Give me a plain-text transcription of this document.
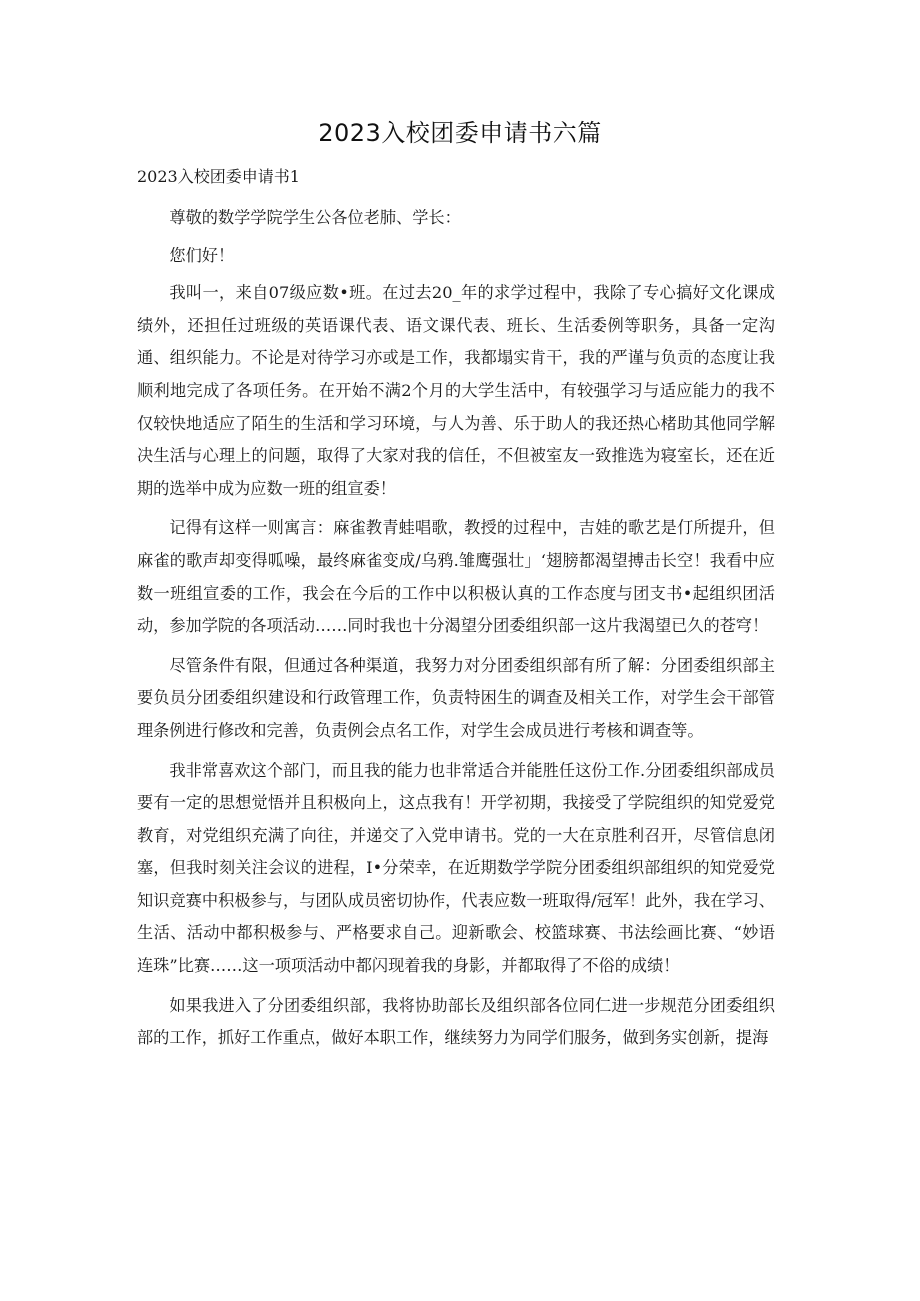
2023入校团委申请书六篇
2023入校团委申请书1

尊敬的数学学院学生公各位老肺、学长：

您们好！

我叫一，来自07级应数•班。在过去20_年的求学过程中，我除了专心搞好文化课成绩外，还担任过班级的英语课代表、语文课代表、班长、生活委例等职务，具备一定沟通、组织能力。不论是对待学习亦或是工作，我都塌实肯干，我的严谨与负贡的态度让我顺利地完成了各项任务。在开始不满2个月的大学生活中，有较强学习与适应能力的我不仅较快地适应了陌生的生活和学习环境，与人为善、乐于助人的我还热心楮助其他同学解决生活与心理上的问题，取得了大家对我的信任，不但被室友一致推选为寝室长，还在近期的选举中成为应数一班的组宣委！

记得有这样一则寓言：麻雀教青蛙唱歌，教授的过程中，吉娃的歌艺是仃所提升，但麻雀的歌声却变得呱噪，最终麻雀变成/乌鸦.雏鹰强壮」‘翅膀都渴望搏击长空！我看中应数一班组宣委的工作，我会在今后的工作中以积极认真的工作态度与团支书•起组织团活动，参加学院的各项活动……同时我也十分渴望分团委组织部一这片我渴望已久的苍穹！

尽管条件有限，但通过各种渠道，我努力对分团委组织部有所了解：分团委组织部主要负员分团委组织建设和行政管理工作，负责特困生的调查及相关工作，对学生会干部管理条例进行修改和完善，负责例会点名工作，对学生会成员进行考核和调查等。

我非常喜欢这个部门，而且我的能力也非常适合并能胜任这份工作.分团委组织部成员要有一定的思想觉悟并且积极向上，这点我有！开学初期，我接受了学院组织的知党爱党教育，对党组织充满了向往，并递交了入党申请书。党的一大在京胜利召开，尽管信息闭塞，但我时刻关注会议的进程，I•分荣幸，在近期数学学院分团委组织部组织的知党爱党知识竞赛中积极参与，与团队成员密切协作，代表应数一班取得/冠军！此外，我在学习、生活、活动中都积极参与、严格要求自己。迎新歌会、校篮球赛、书法绘画比赛、“妙语连珠”比赛……这一项项活动中都闪现着我的身影，并都取得了不俗的成绩！

如果我进入了分团委组织部，我将协助部长及组织部各位同仁进一步规范分团委组织部的工作，抓好工作重点，做好本职工作，继续努力为同学们服务，做到务实创新，提海
